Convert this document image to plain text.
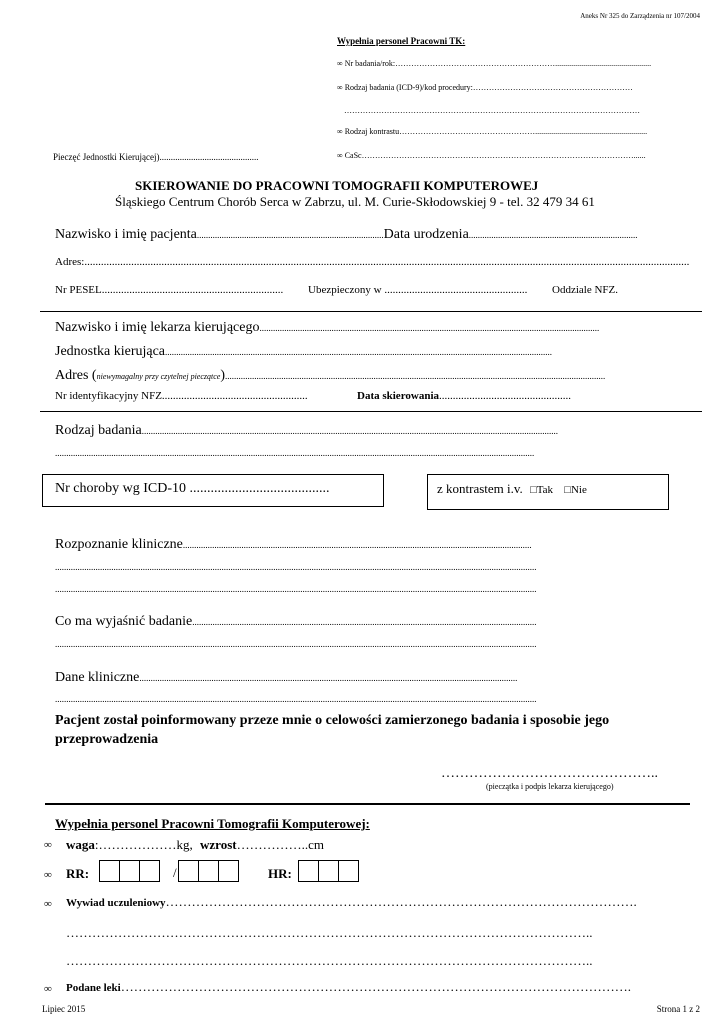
Aneks Nr 325 do Zarządzenia nr 107/2004
Wypełnia personel Pracowni TK:
∞ Nr badania/rok:……………………………………………………................................................
∞ Rodzaj badania (ICD-9)/kod procedury:……………………………………………………
…………………………………………………………………………………………………
∞ Rodzaj kontrastu……………………………………………........................................................
∞ CaSc…………………………………………………………………………………………......
Pieczęć Jednostki Kierującej)............................................
SKIEROWANIE DO PRACOWNI TOMOGRAFII KOMPUTEROWEJ
Śląskiego Centrum Chorób Serca w Zabrzu, ul. M. Curie-Skłodowskiej 9 - tel. 32 479 34 61
Nazwisko i imię pacjenta...................................................................................Data urodzenia...........................................................................
Adres:............................................................................................................................................................................................................................
Nr PESEL.................................................................. Ubezpieczony w .................................................... Oddziale NFZ.
Nazwisko i imię lekarza kierującego.......................................................................................................................................................
Jednostka kierująca............................................................................................................................................................................
Adres (niewymagalny przy czytelnej pieczątce).........................................................................................................................................................................
Nr identyfikacyjny NFZ.....................................................	Data skierowania................................................
Rodzaj badania.........................................................................................................................................................................................
.....................................................................................................................................................................................................................
Nr choroby wg ICD-10 ........................................	z kontrastem i.v. □Tak □Nie
Rozpoznanie kliniczne...........................................................................................................................................................
......................................................................................................................................................................................................................
......................................................................................................................................................................................................................
Co ma wyjaśnić badanie.........................................................................................................................................................
......................................................................................................................................................................................................................
Dane kliniczne........................................................................................................................................................................
......................................................................................................................................................................................................................
Pacjent został poinformowany przeze mnie o celowości zamierzonego badania i sposobie jego
przeprowadzenia
………………………………………..
(pieczątka i podpis lekarza kierującego)
Wypełnia personel Pracowni Tomografii Komputerowej:
∞ waga:………………kg, wzrost……………..cm
∞ RR:	/	HR:
∞ Wywiad uczuleniowy……………………………………………………………………………………………….
…………………………………………………………………………………………………………..
…………………………………………………………………………………………………………..
∞ Podane leki……………………………………………………………………………………………………….
Lipiec 2015	Strona 1 z 2
